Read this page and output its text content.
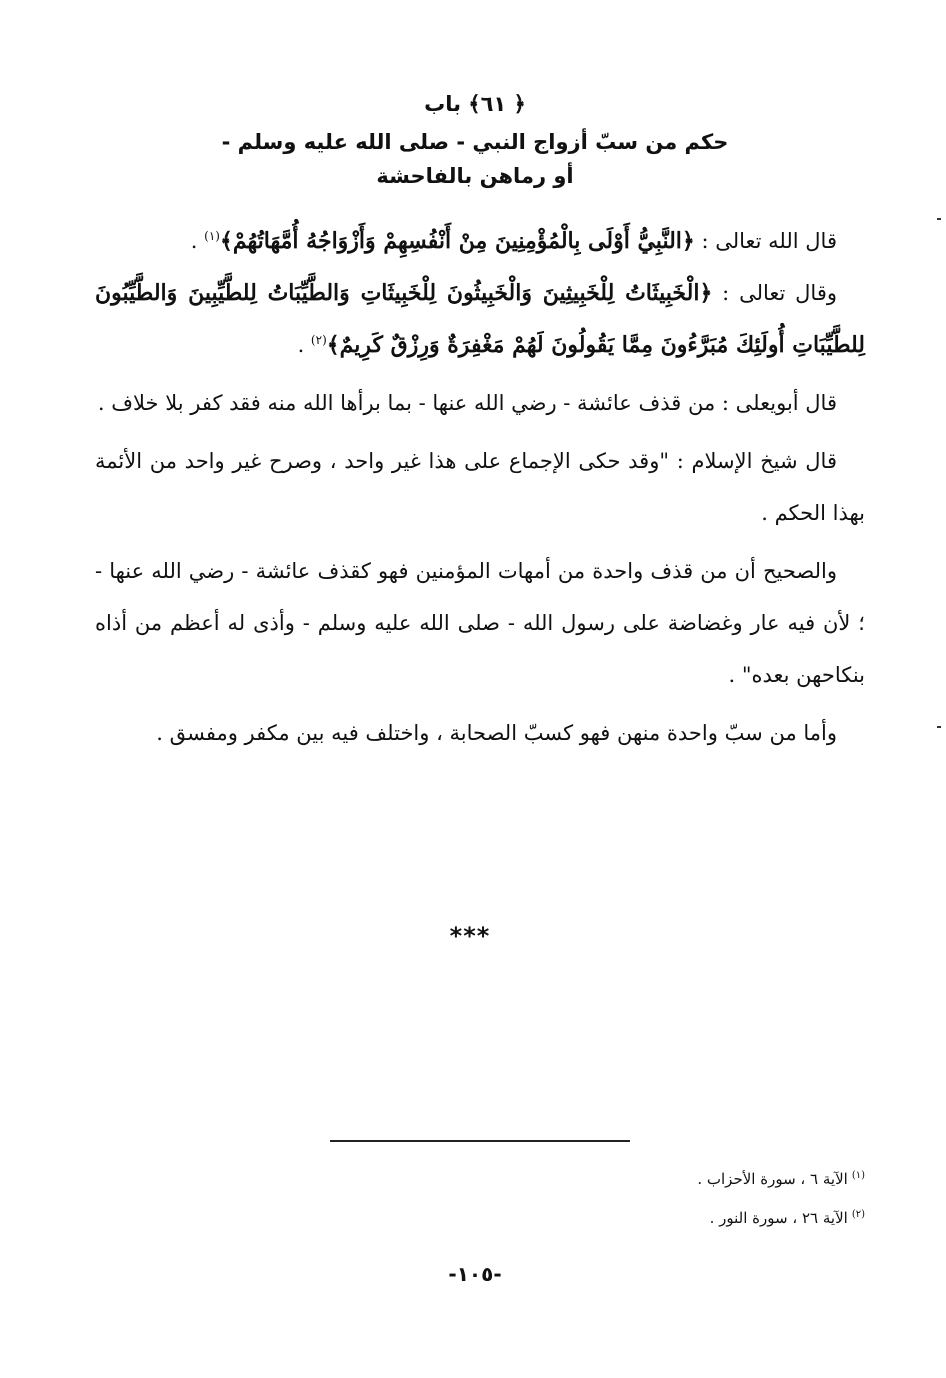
﴿ ٦١﴾ باب
حكم من سبّ أزواج النبي - صلى الله عليه وسلم -
أو رماهن بالفاحشة

قال الله تعالى : ﴿النَّبِيُّ أَوْلَى بِالْمُؤْمِنِينَ مِنْ أَنْفُسِهِمْ وَأَزْوَاجُهُ أُمَّهَاتُهُمْ﴾$^{(١)}$ .

وقال تعالى : ﴿الْخَبِيثَاتُ لِلْخَبِيثِينَ وَالْخَبِيثُونَ لِلْخَبِيثَاتِ وَالطَّيِّبَاتُ لِلطَّيِّبِينَ وَالطَّيِّبُونَ لِلطَّيِّبَاتِ أُولَئِكَ مُبَرَّءُونَ مِمَّا يَقُولُونَ لَهُمْ مَغْفِرَةٌ وَرِزْقٌ كَرِيمٌ﴾$^{(٢)}$ .

قال أبويعلى : من قذف عائشة - رضي الله عنها - بما برأها الله منه فقد كفر بلا خلاف .

قال شيخ الإسلام : "وقد حكى الإجماع على هذا غير واحد ، وصرح غير واحد من الأئمة بهذا الحكم .

والصحيح أن من قذف واحدة من أمهات المؤمنين فهو كقذف عائشة - رضي الله عنها - ؛ لأن فيه عار وغضاضة على رسول الله - صلى الله عليه وسلم - وأذى له أعظم من أذاه بنكاحهن بعده" .

وأما من سبّ واحدة منهن فهو كسبّ الصحابة ، واختلف فيه بين مكفر ومفسق .

***
$^{(١)}$الآية ٦ ، سورة الأحزاب .
$^{(٢)}$الآية ٢٦ ، سورة النور .
-١٠٥-
